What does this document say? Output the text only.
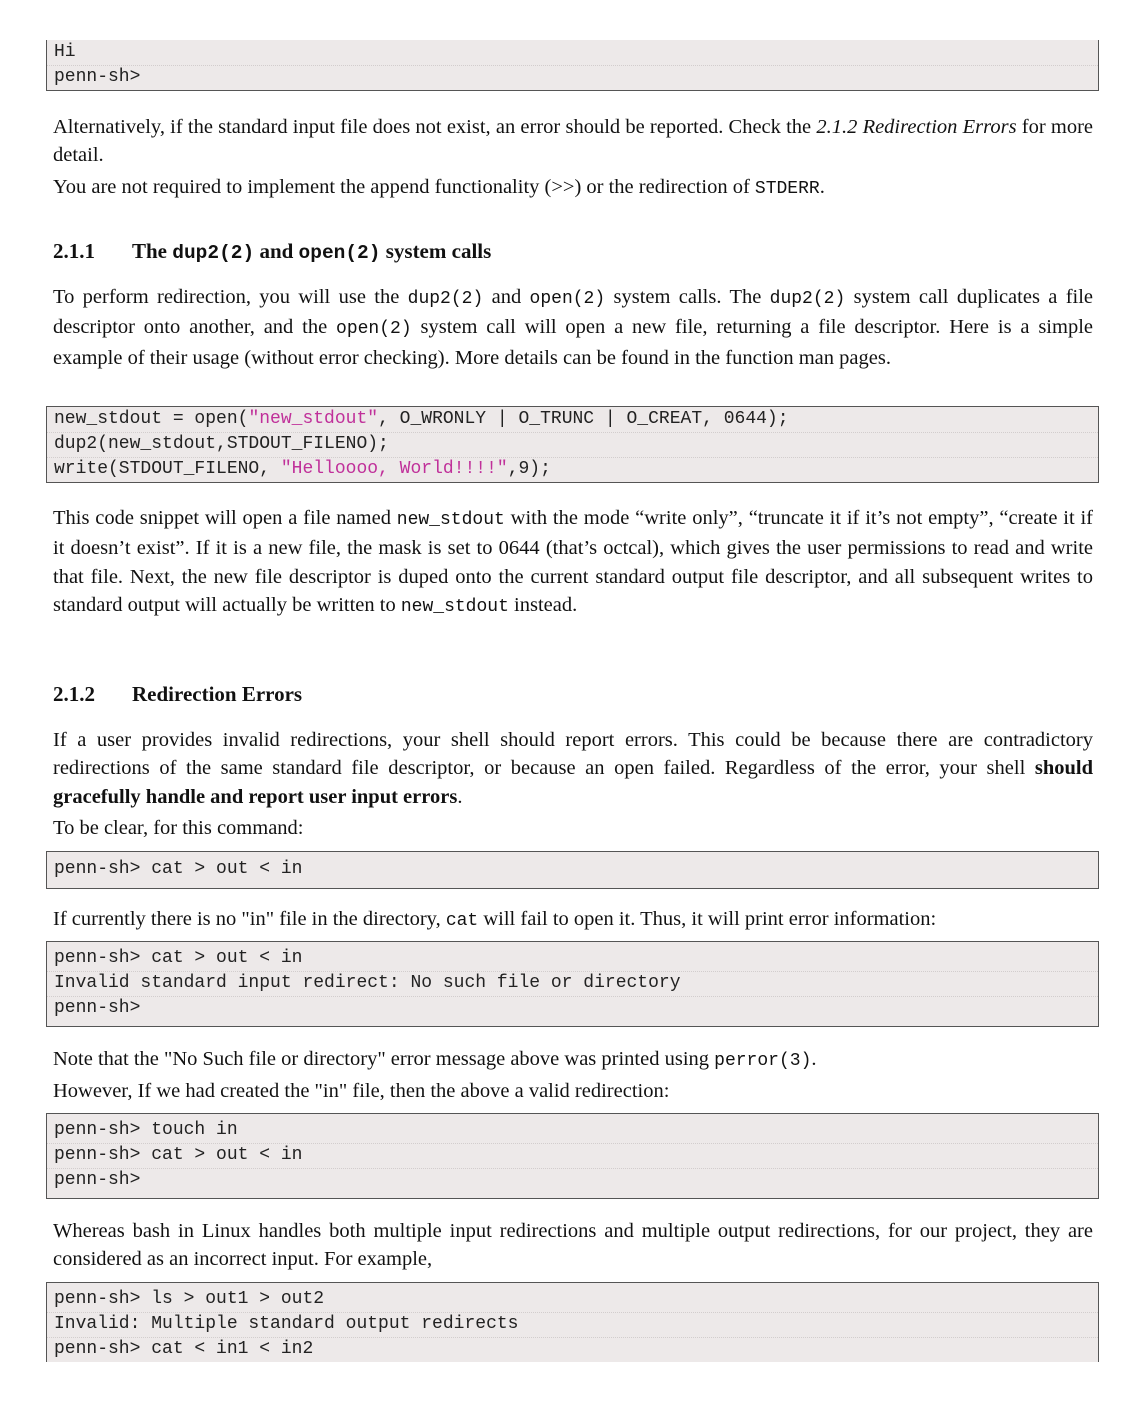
Hi
penn-sh>

Alternatively, if the standard input file does not exist, an error should be reported. Check the 2.1.2 Redirection Errors for more detail.

You are not required to implement the append functionality (>>) or the redirection of STDERR.

2.1.1 The dup2(2) and open(2) system calls

To perform redirection, you will use the dup2(2) and open(2) system calls. The dup2(2) system call duplicates a file descriptor onto another, and the open(2) system call will open a new file, returning a file descriptor. Here is a simple example of their usage (without error checking). More details can be found in the function man pages.

new_stdout = open("new_stdout", O_WRONLY | O_TRUNC | O_CREAT, 0644);
dup2(new_stdout,STDOUT_FILENO);
write(STDOUT_FILENO, "Helloooo, World!!!!",9);

This code snippet will open a file named new_stdout with the mode “write only”, “truncate it if it’s not empty”, “create it if it doesn’t exist”. If it is a new file, the mask is set to 0644 (that’s octcal), which gives the user permissions to read and write that file. Next, the new file descriptor is duped onto the current standard output file descriptor, and all subsequent writes to standard output will actually be written to new_stdout instead.

2.1.2 Redirection Errors

If a user provides invalid redirections, your shell should report errors. This could be because there are contradictory redirections of the same standard file descriptor, or because an open failed. Regardless of the error, your shell should gracefully handle and report user input errors.

To be clear, for this command:

penn-sh> cat > out < in

If currently there is no "in" file in the directory, cat will fail to open it. Thus, it will print error information:

penn-sh> cat > out < in
Invalid standard input redirect: No such file or directory
penn-sh>

Note that the "No Such file or directory" error message above was printed using perror(3).

However, If we had created the "in" file, then the above a valid redirection:

penn-sh> touch in
penn-sh> cat > out < in
penn-sh>

Whereas bash in Linux handles both multiple input redirections and multiple output redirections, for our project, they are considered as an incorrect input. For example,

penn-sh> ls > out1 > out2
Invalid: Multiple standard output redirects
penn-sh> cat < in1 < in2
